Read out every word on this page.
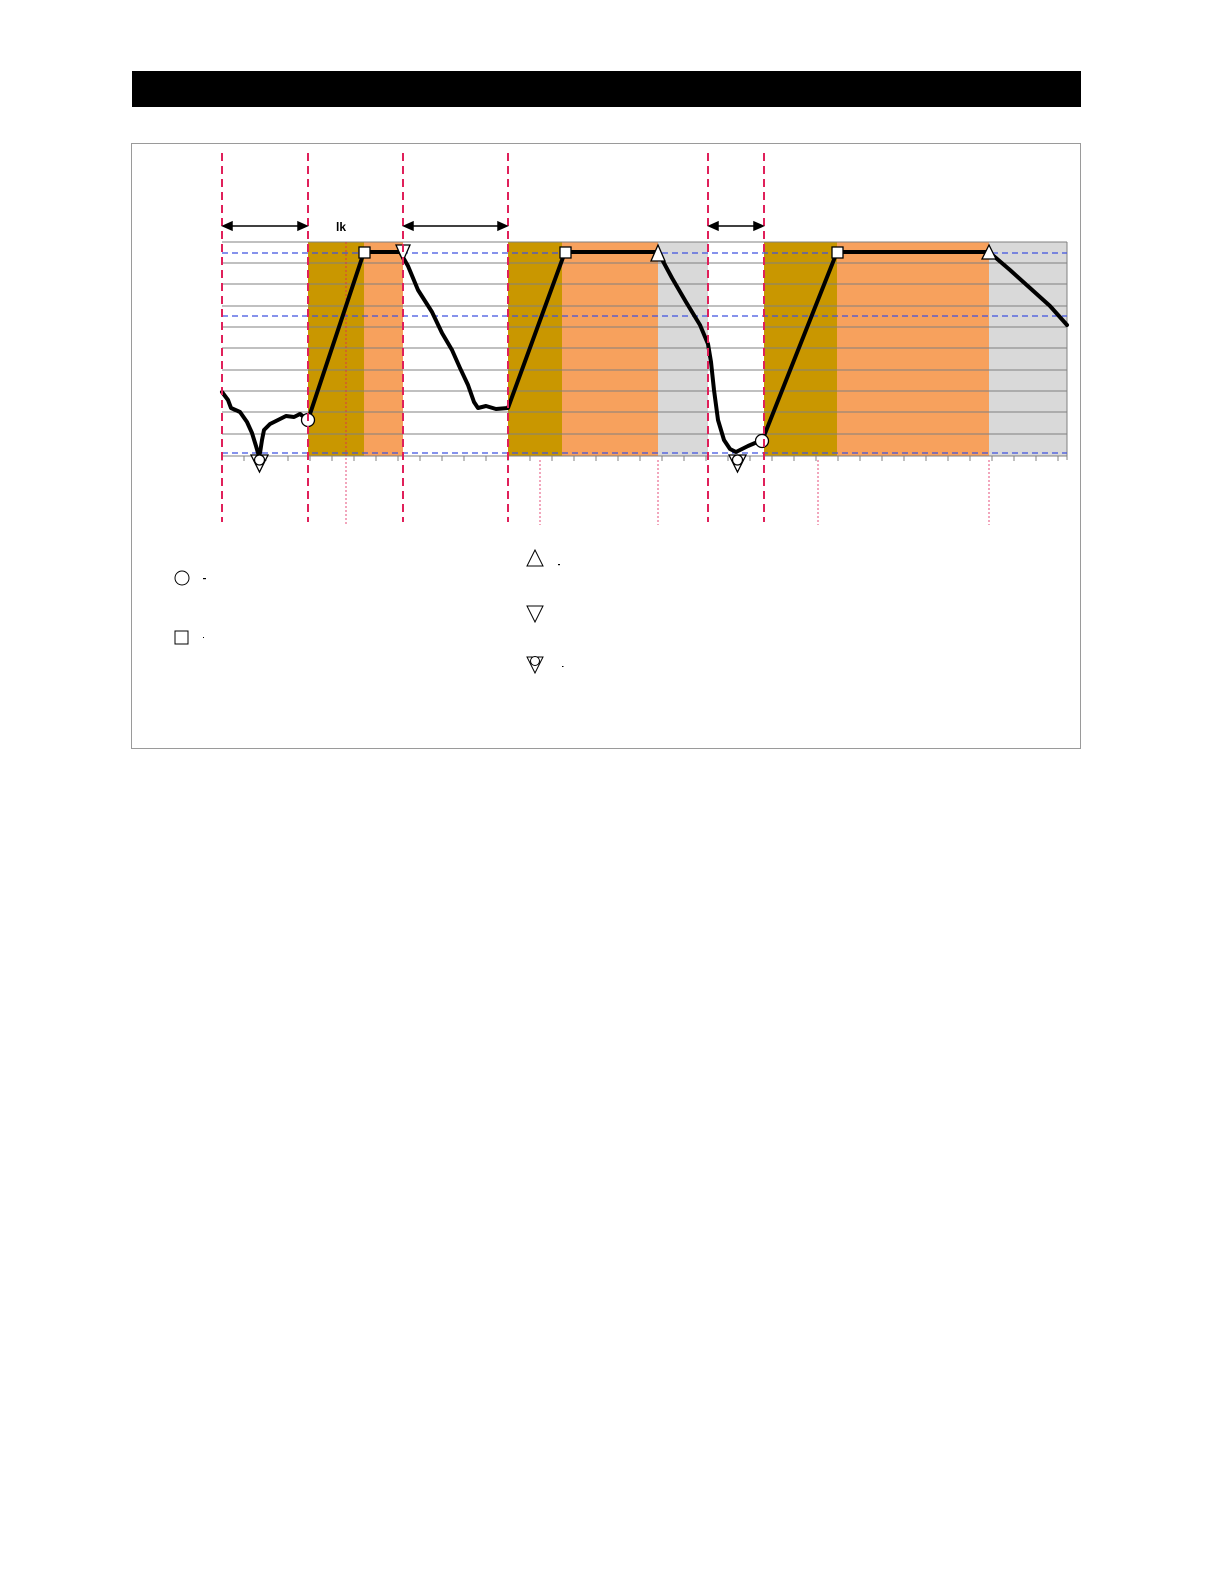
lk
